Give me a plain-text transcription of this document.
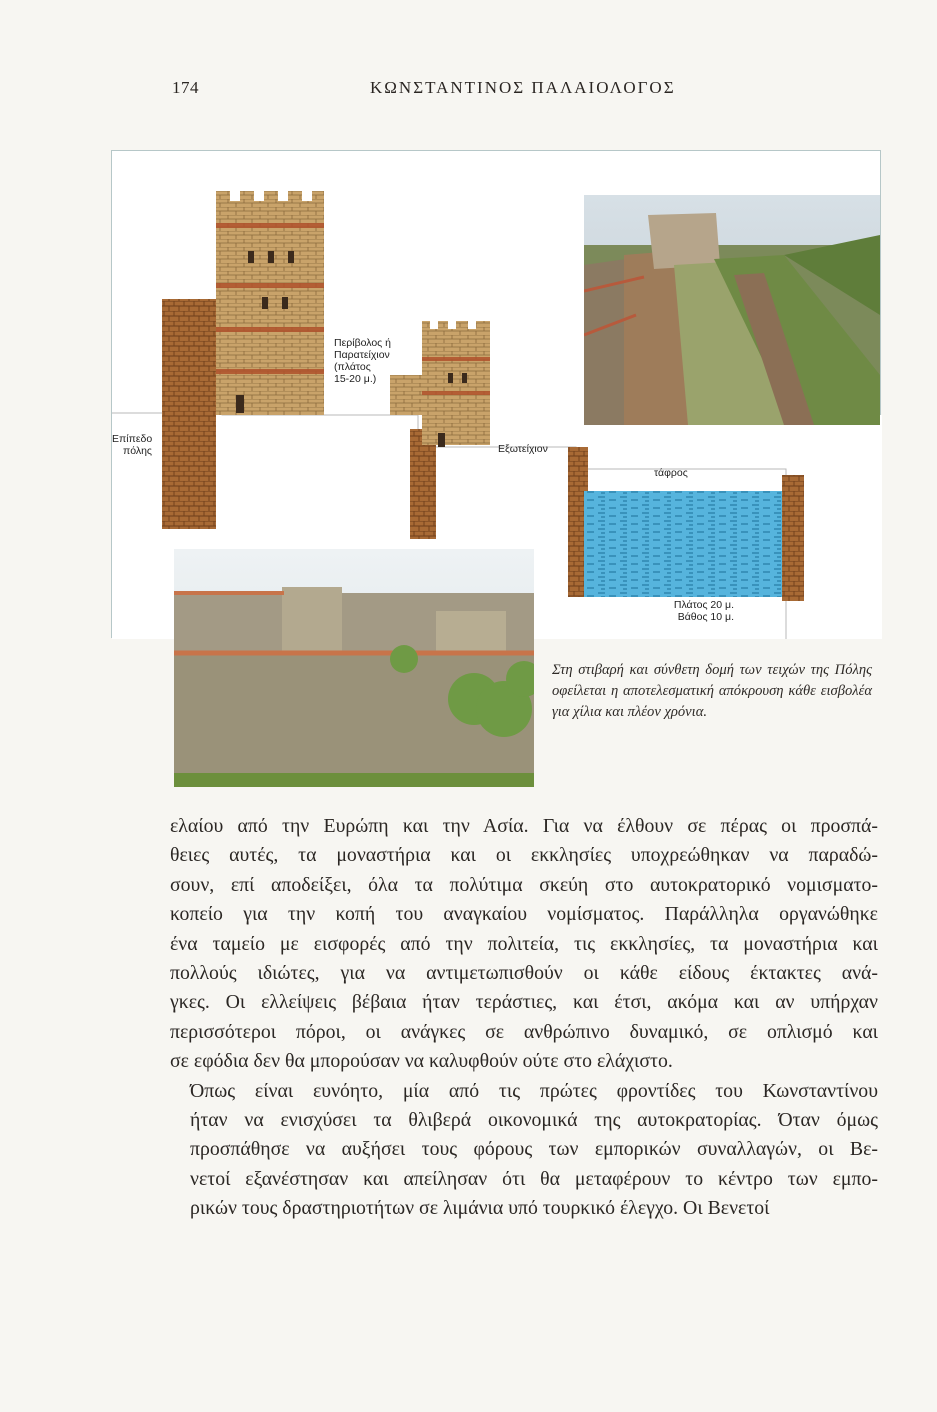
174	ΚΩΝΣΤΑΝΤΙΝΟΣ ΠΑΛΑΙΟΛΟΓΟΣ
Επίπεδο
πόλης
Περίβολος ή
Παρατείχιον
(πλάτος
15-20 μ.)
Εξωτείχιον
τάφρος
Πλάτος 20 μ.
Βάθος 10 μ.
Στη στιβαρή και σύνθετη δομή των τειχών της Πόλης οφείλεται η αποτελεσματική απόκρουση κάθε εισβολέα για χίλια και πλέον χρόνια.

ελαίου από την Ευρώπη και την Ασία. Για να έλθουν σε πέρας οι προσπά-
θειες αυτές, τα μοναστήρια και οι εκκλησίες υποχρεώθηκαν να παραδώ-
σουν, επί αποδείξει, όλα τα πολύτιμα σκεύη στο αυτοκρατορικό νομισματο-
κοπείο για την κοπή του αναγκαίου νομίσματος. Παράλληλα οργανώθηκε
ένα ταμείο με εισφορές από την πολιτεία, τις εκκλησίες, τα μοναστήρια και
πολλούς ιδιώτες, για να αντιμετωπισθούν οι κάθε είδους έκτακτες ανά-
γκες. Οι ελλείψεις βέβαια ήταν τεράστιες, και έτσι, ακόμα και αν υπήρχαν
περισσότεροι πόροι, οι ανάγκες σε ανθρώπινο δυναμικό, σε οπλισμό και
σε εφόδια δεν θα μπορούσαν να καλυφθούν ούτε στο ελάχιστο.

Όπως είναι ευνόητο, μία από τις πρώτες φροντίδες του Κωνσταντίνου
ήταν να ενισχύσει τα θλιβερά οικονομικά της αυτοκρατορίας. Όταν όμως
προσπάθησε να αυξήσει τους φόρους των εμπορικών συναλλαγών, οι Βε-
νετοί εξανέστησαν και απείλησαν ότι θα μεταφέρουν το κέντρο των εμπο-
ρικών τους δραστηριοτήτων σε λιμάνια υπό τουρκικό έλεγχο. Οι Βενετοί
